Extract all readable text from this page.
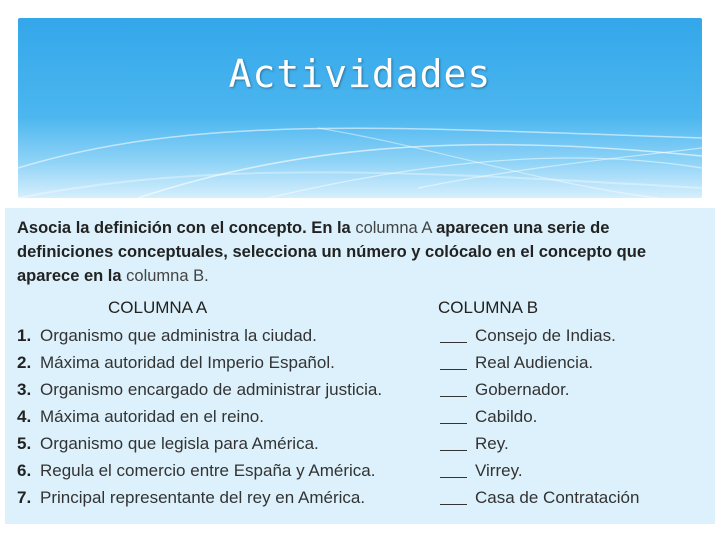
Actividades
Asocia la definición con el concepto. En la columna A aparecen una serie de definiciones conceptuales, selecciona un número y colócalo en el concepto que aparece en la columna B.
COLUMNA A	COLUMNA B
1. Organismo que administra la ciudad.	Consejo de Indias.
2. Máxima autoridad del Imperio Español.	Real Audiencia.
3. Organismo encargado de administrar justicia.	Gobernador.
4. Máxima autoridad en el reino.	Cabildo.
5. Organismo que legisla para América.	Rey.
6. Regula el comercio entre España y América.	Virrey.
7. Principal representante del rey en América.	Casa de Contratación
